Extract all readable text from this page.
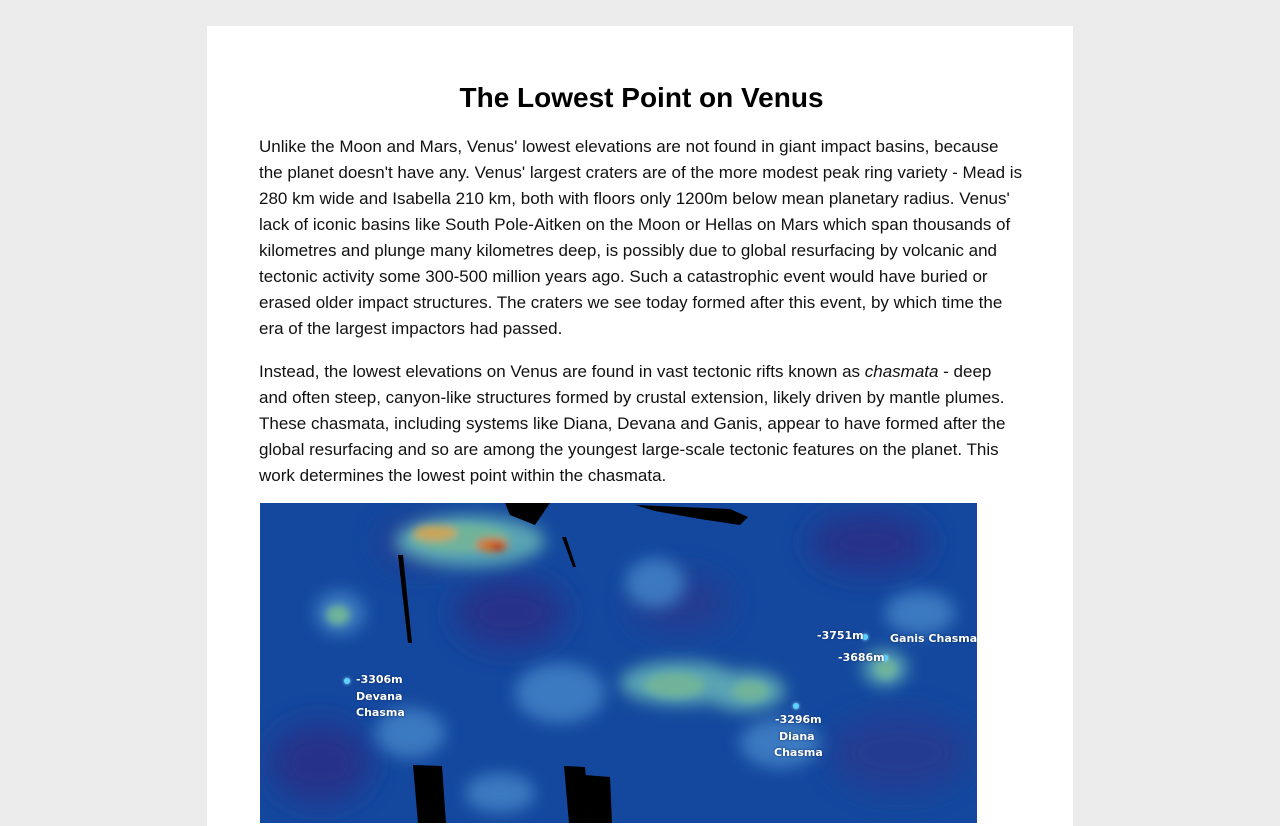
The Lowest Point on Venus

Unlike the Moon and Mars, Venus' lowest elevations are not found in giant impact basins, because the planet doesn't have any. Venus' largest craters are of the more modest peak ring variety - Mead is 280 km wide and Isabella 210 km, both with floors only 1200m below mean planetary radius. Venus' lack of iconic basins like South Pole-Aitken on the Moon or Hellas on Mars which span thousands of kilometres and plunge many kilometres deep, is possibly due to global resurfacing by volcanic and tectonic activity some 300-500 million years ago. Such a catastrophic event would have buried or erased older impact structures. The craters we see today formed after this event, by which time the era of the largest impactors had passed.

Instead, the lowest elevations on Venus are found in vast tectonic rifts known as chasmata - deep and often steep, canyon-like structures formed by crustal extension, likely driven by mantle plumes. These chasmata, including systems like Diana, Devana and Ganis, appear to have formed after the global resurfacing and so are among the youngest large-scale tectonic features on the planet. This work determines the lowest point within the chasmata.

-3751m Ganis Chasma
-3686m
-3306m
Devana
Chasma
-3296m
Diana
Chasma
